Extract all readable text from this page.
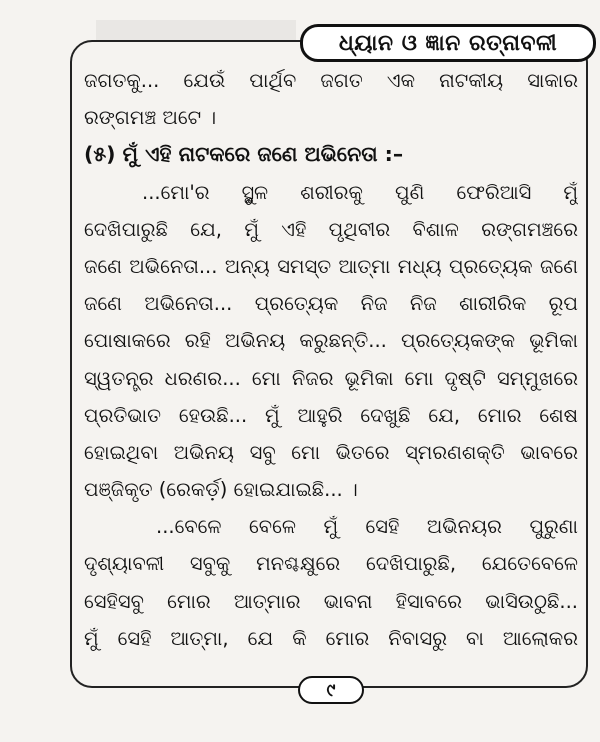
ଧ୍ୟାନ ଓ ଜ୍ଞାନ ରତ୍ନାବଳୀ
ଜଗତକୁ... ଯେଉଁ ପାର୍ଥିବ ଜଗତ ଏକ ନାଟକୀୟ ସାକାର
ରଙ୍ଗମଞ୍ଚ ଅଟେ ।
(୫) ମୁଁ ଏହି ନାଟକରେ ଜଣେ ଅଭିନେତା :–
...ମୋ'ର ସ୍ଥୁଳ ଶରୀରକୁ ପୁଣି ଫେରିଆସି ମୁଁ
ଦେଖିପାରୁଛି ଯେ, ମୁଁ ଏହି ପୃଥିବୀର ବିଶାଳ ରଙ୍ଗମଞ୍ଚରେ
ଜଣେ ଅଭିନେତା... ଅନ୍ୟ ସମସ୍ତ ଆତ୍ମା ମଧ୍ୟ ପ୍ରତ୍ୟେକ ଜଣେ
ଜଣେ ଅଭିନେତା... ପ୍ରତ୍ୟେକ ନିଜ ନିଜ ଶାରୀରିକ ରୂପ
ପୋଷାକରେ ରହି ଅଭିନୟ କରୁଛନ୍ତି... ପ୍ରତ୍ୟେକଙ୍କ ଭୂମିକା
ସ୍ୱତନ୍ତ୍ର ଧରଣର... ମୋ ନିଜର ଭୂମିକା ମୋ ଦୃଷ୍ଟି ସମ୍ମୁଖରେ
ପ୍ରତିଭାତ ହେଉଛି... ମୁଁ ଆହୁରି ଦେଖୁଛି ଯେ, ମୋର ଶେଷ
ହୋଇଥିବା ଅଭିନୟ ସବୁ ମୋ ଭିତରେ ସ୍ମରଣଶକ୍ତି ଭାବରେ
ପଞ୍ଜିକୃତ (ରେକର୍ଡ଼) ହୋଇଯାଇଛି... ।
...ବେଳେ ବେଳେ ମୁଁ ସେହି ଅଭିନୟର ପୁରୁଣା
ଦୃଶ୍ୟାବଳୀ ସବୁକୁ ମନଶ୍ଚକ୍ଷୁରେ ଦେଖିପାରୁଛି, ଯେତେବେଳେ
ସେହିସବୁ ମୋର ଆତ୍ମାର ଭାବନା ହିସାବରେ ଭାସିଉଠୁଛି...
ମୁଁ ସେହି ଆତ୍ମା, ଯେ କି ମୋର ନିବାସରୁ ବା ଆଲୋକର
୯
